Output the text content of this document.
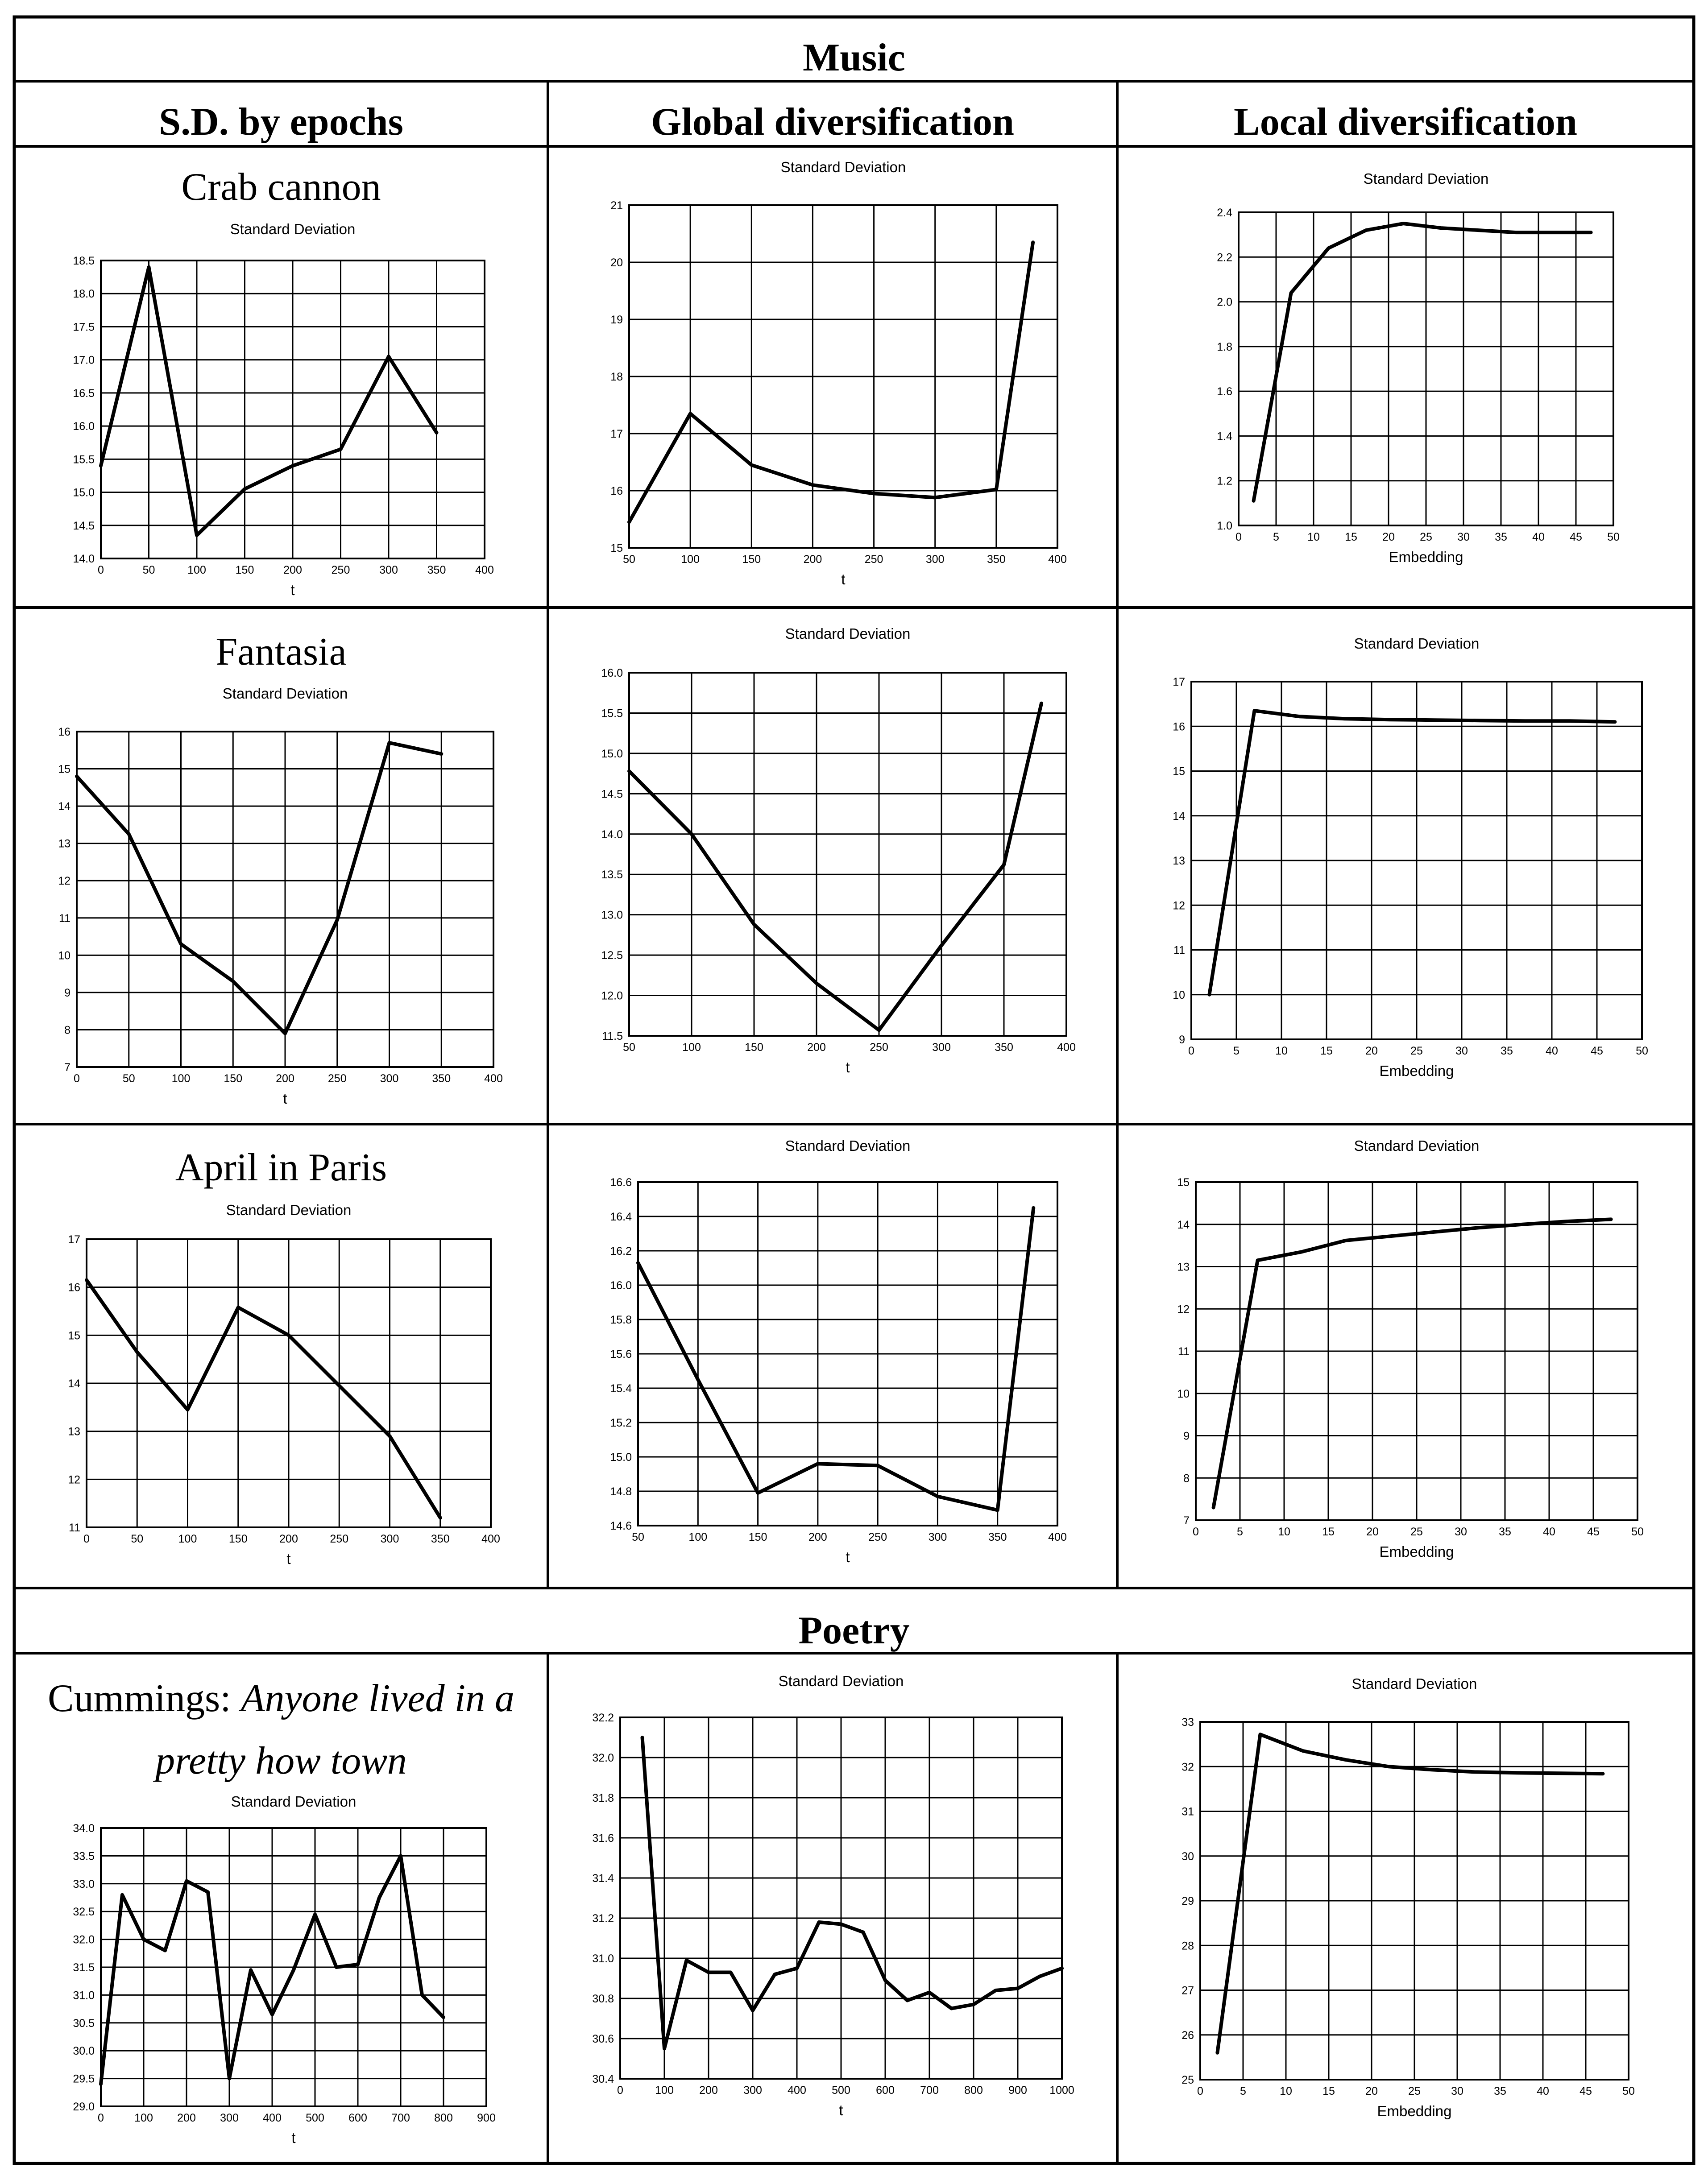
Music
S.D. by epochs	Global diversification	Local diversification
Poetry
Crab cannon
Fantasia
April in Paris
Cummings: Anyone lived in a
pretty how town
Standard Deviation
0	50	100	150	200	250	300	350	400
14.0
14.5
15.0
15.5
16.0
16.5
17.0
17.5
18.0
18.5
t
Standard Deviation
50	100	150	200	250	300	350	400
15
16
17
18
19
20
21
t
Standard Deviation
0	5	10 15 20 25 30 35 40 45 50
1.0
1.2
1.4
1.6
1.8
2.0
2.2
2.4
Embedding
Standard Deviation
0	50	100	150	200	250	300	350	400
7
8
9
10
11
12
13
14
15
16
t
Standard Deviation
50	100	150	200	250	300	350	400
11.5
12.0
12.5
13.0
13.5
14.0
14.5
15.0
15.5
16.0
t
Standard Deviation
0	5	10	15	20	25	30	35	40	45	50
9
10
11
12
13
14
15
16
17
Embedding
Standard Deviation
0	50	100	150	200	250	300	350	400
11
12
13
14
15
16
17
t
Standard Deviation
50	100	150	200	250	300	350	400
14.6
14.8
15.0
15.2
15.4
15.6
15.8
16.0
16.2
16.4
16.6
t
Standard Deviation
0	5	10	15	20	25	30	35	40	45	50
7
8
9
10
11
12
13
14
15
Embedding
Standard Deviation
0	100 200 300 400 500 600 700 800 900
29.0
29.5
30.0
30.5
31.0
31.5
32.0
32.5
33.0
33.5
34.0
t
Standard Deviation
0	100 200 300 400 500 600 700 800 900 1000
30.4
30.6
30.8
31.0
31.2
31.4
31.6
31.8
32.0
32.2
t
Standard Deviation
0	5	10	15	20	25	30	35	40	45	50
25
26
27
28
29
30
31
32
33
Embedding
